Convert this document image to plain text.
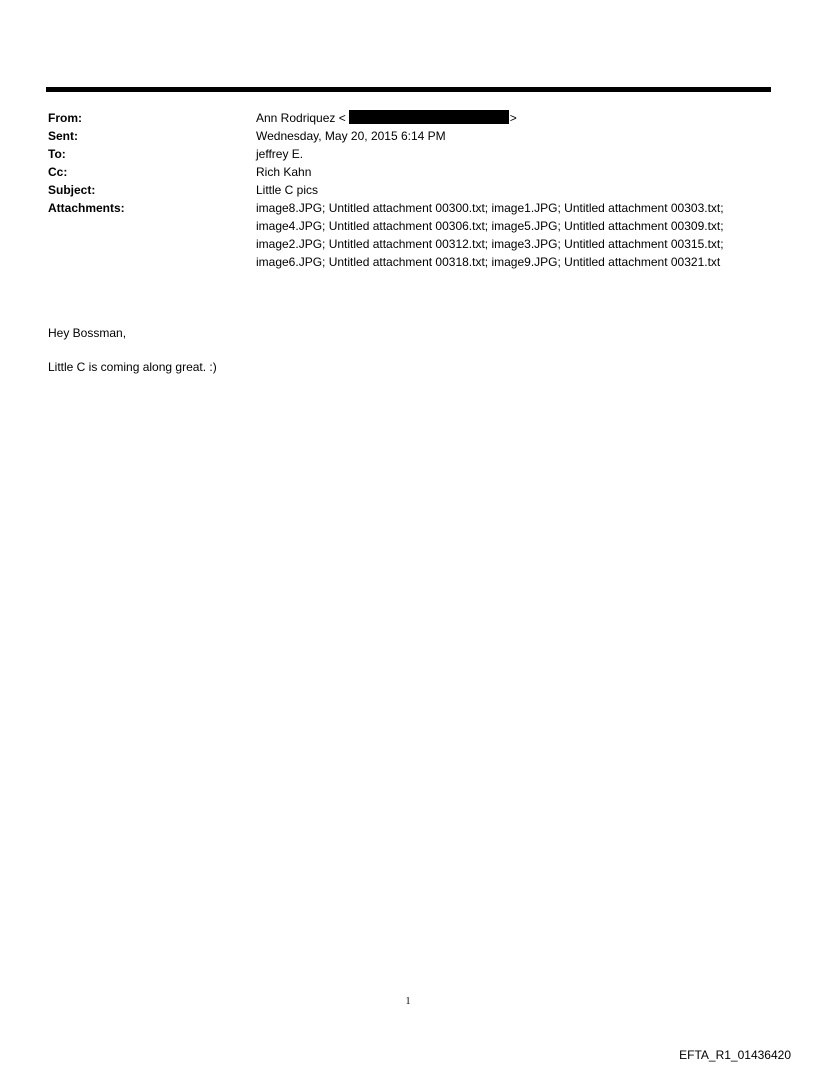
From:	Ann Rodriquez <	>
Sent:	Wednesday, May 20, 2015 6:14 PM
To:	jeffrey E.
Cc:	Rich Kahn
Subject:	Little C pics
Attachments:	image8.JPG; Untitled attachment 00300.txt; image1.JPG; Untitled attachment 00303.txt; image4.JPG; Untitled attachment 00306.txt; image5.JPG; Untitled attachment 00309.txt; image2.JPG; Untitled attachment 00312.txt; image3.JPG; Untitled attachment 00315.txt; image6.JPG; Untitled attachment 00318.txt; image9.JPG; Untitled attachment 00321.txt

Hey Bossman,

Little C is coming along great. :)

1
EFTA_R1_01436420
